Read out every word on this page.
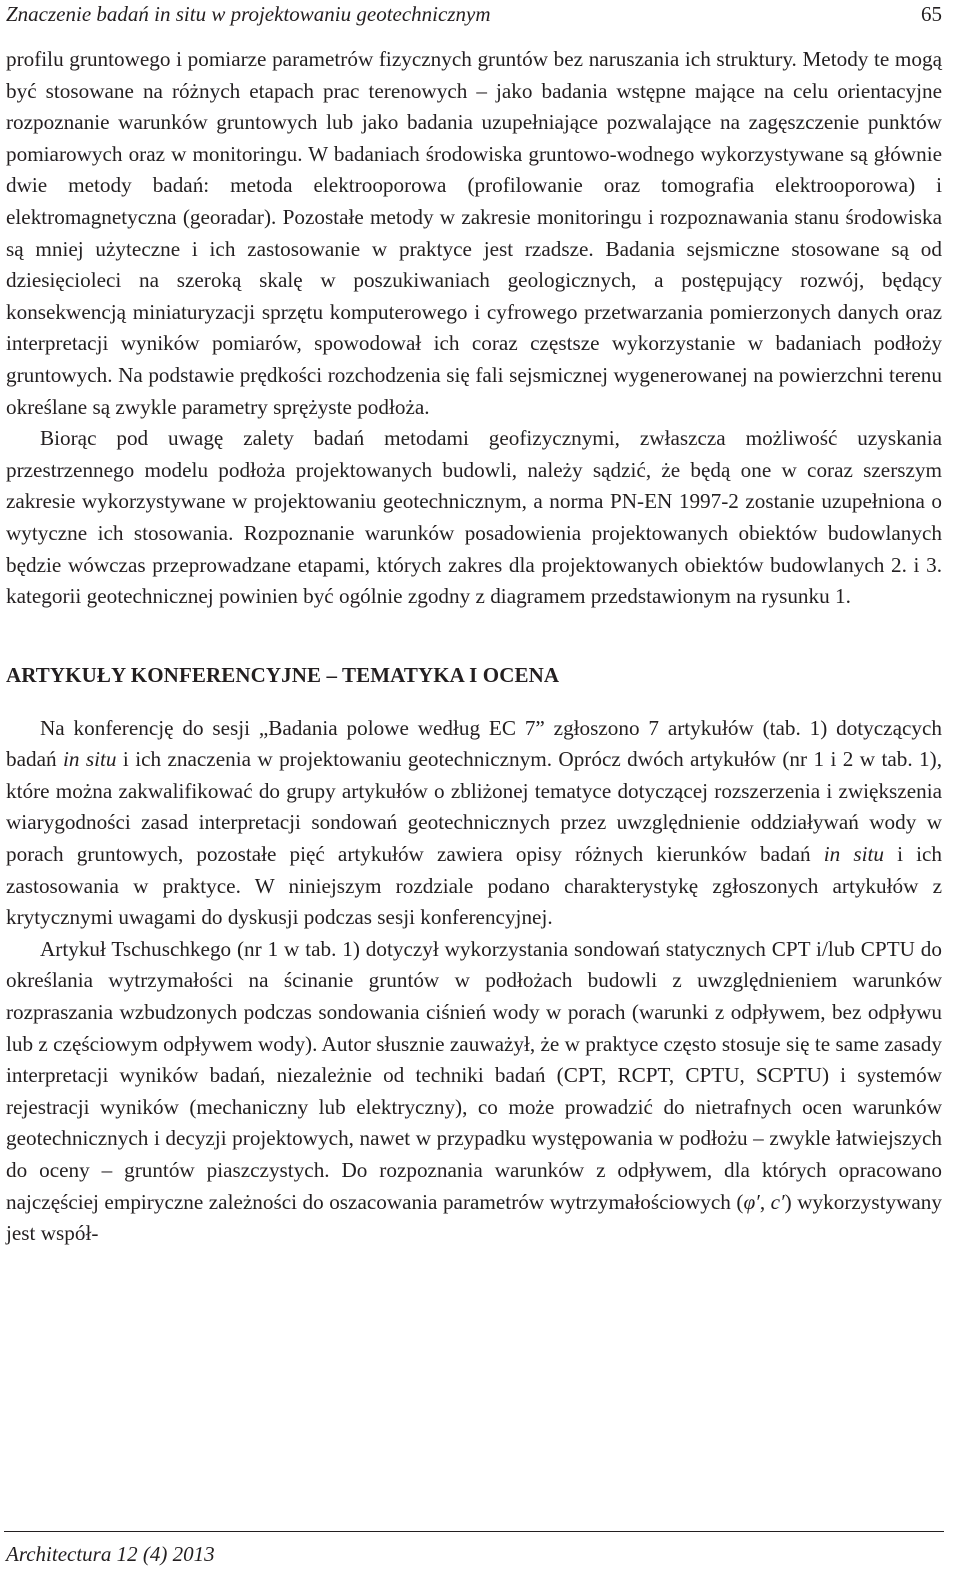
Znaczenie badań in situ w projektowaniu geotechnicznym	65

profilu gruntowego i pomiarze parametrów fizycznych gruntów bez naruszania ich struktury. Metody te mogą być stosowane na różnych etapach prac terenowych – jako badania wstępne mające na celu orientacyjne rozpoznanie warunków gruntowych lub jako badania uzupełniające pozwalające na zagęszczenie punktów pomiarowych oraz w monitoringu. W badaniach środowiska gruntowo-wodnego wykorzystywane są głównie dwie metody badań: metoda elektrooporowa (profilowanie oraz tomografia elektrooporowa) i elektromagnetyczna (georadar). Pozostałe metody w zakresie monitoringu i rozpoznawania stanu środowiska są mniej użyteczne i ich zastosowanie w praktyce jest rzadsze. Badania sejsmiczne stosowane są od dziesięcioleci na szeroką skalę w poszukiwaniach geologicznych, a postępujący rozwój, będący konsekwencją miniaturyzacji sprzętu komputerowego i cyfrowego przetwarzania pomierzonych danych oraz interpretacji wyników pomiarów, spowodował ich coraz częstsze wykorzystanie w badaniach podłoży gruntowych. Na podstawie prędkości rozchodzenia się fali sejsmicznej wygenerowanej na powierzchni terenu określane są zwykle parametry sprężyste podłoża.

Biorąc pod uwagę zalety badań metodami geofizycznymi, zwłaszcza możliwość uzyskania przestrzennego modelu podłoża projektowanych budowli, należy sądzić, że będą one w coraz szerszym zakresie wykorzystywane w projektowaniu geotechnicznym, a norma PN-EN 1997-2 zostanie uzupełniona o wytyczne ich stosowania. Rozpoznanie warunków posadowienia projektowanych obiektów budowlanych będzie wówczas przeprowadzane etapami, których zakres dla projektowanych obiektów budowlanych 2. i 3. kategorii geotechnicznej powinien być ogólnie zgodny z diagramem przedstawionym na rysunku 1.

ARTYKUŁY KONFERENCYJNE – TEMATYKA I OCENA

Na konferencję do sesji „Badania polowe według EC 7” zgłoszono 7 artykułów (tab. 1) dotyczących badań in situ i ich znaczenia w projektowaniu geotechnicznym. Oprócz dwóch artykułów (nr 1 i 2 w tab. 1), które można zakwalifikować do grupy artykułów o zbliżonej tematyce dotyczącej rozszerzenia i zwiększenia wiarygodności zasad interpretacji sondowań geotechnicznych przez uwzględnienie oddziaływań wody w porach gruntowych, pozostałe pięć artykułów zawiera opisy różnych kierunków badań in situ i ich zastosowania w praktyce. W niniejszym rozdziale podano charakterystykę zgłoszonych artykułów z krytycznymi uwagami do dyskusji podczas sesji konferencyjnej.

Artykuł Tschuschkego (nr 1 w tab. 1) dotyczył wykorzystania sondowań statycznych CPT i/lub CPTU do określania wytrzymałości na ścinanie gruntów w podłożach budowli z uwzględnieniem warunków rozpraszania wzbudzonych podczas sondowania ciśnień wody w porach (warunki z odpływem, bez odpływu lub z częściowym odpływem wody). Autor słusznie zauważył, że w praktyce często stosuje się te same zasady interpretacji wyników badań, niezależnie od techniki badań (CPT, RCPT, CPTU, SCPTU) i systemów rejestracji wyników (mechaniczny lub elektryczny), co może prowadzić do nietrafnych ocen warunków geotechnicznych i decyzji projektowych, nawet w przypadku występowania w podłożu – zwykle łatwiejszych do oceny – gruntów piaszczystych. Do rozpoznania warunków z odpływem, dla których opracowano najczęściej empiryczne zależności do oszacowania parametrów wytrzymałościowych (φ′, c′) wykorzystywany jest współ-

Architectura 12 (4) 2013
